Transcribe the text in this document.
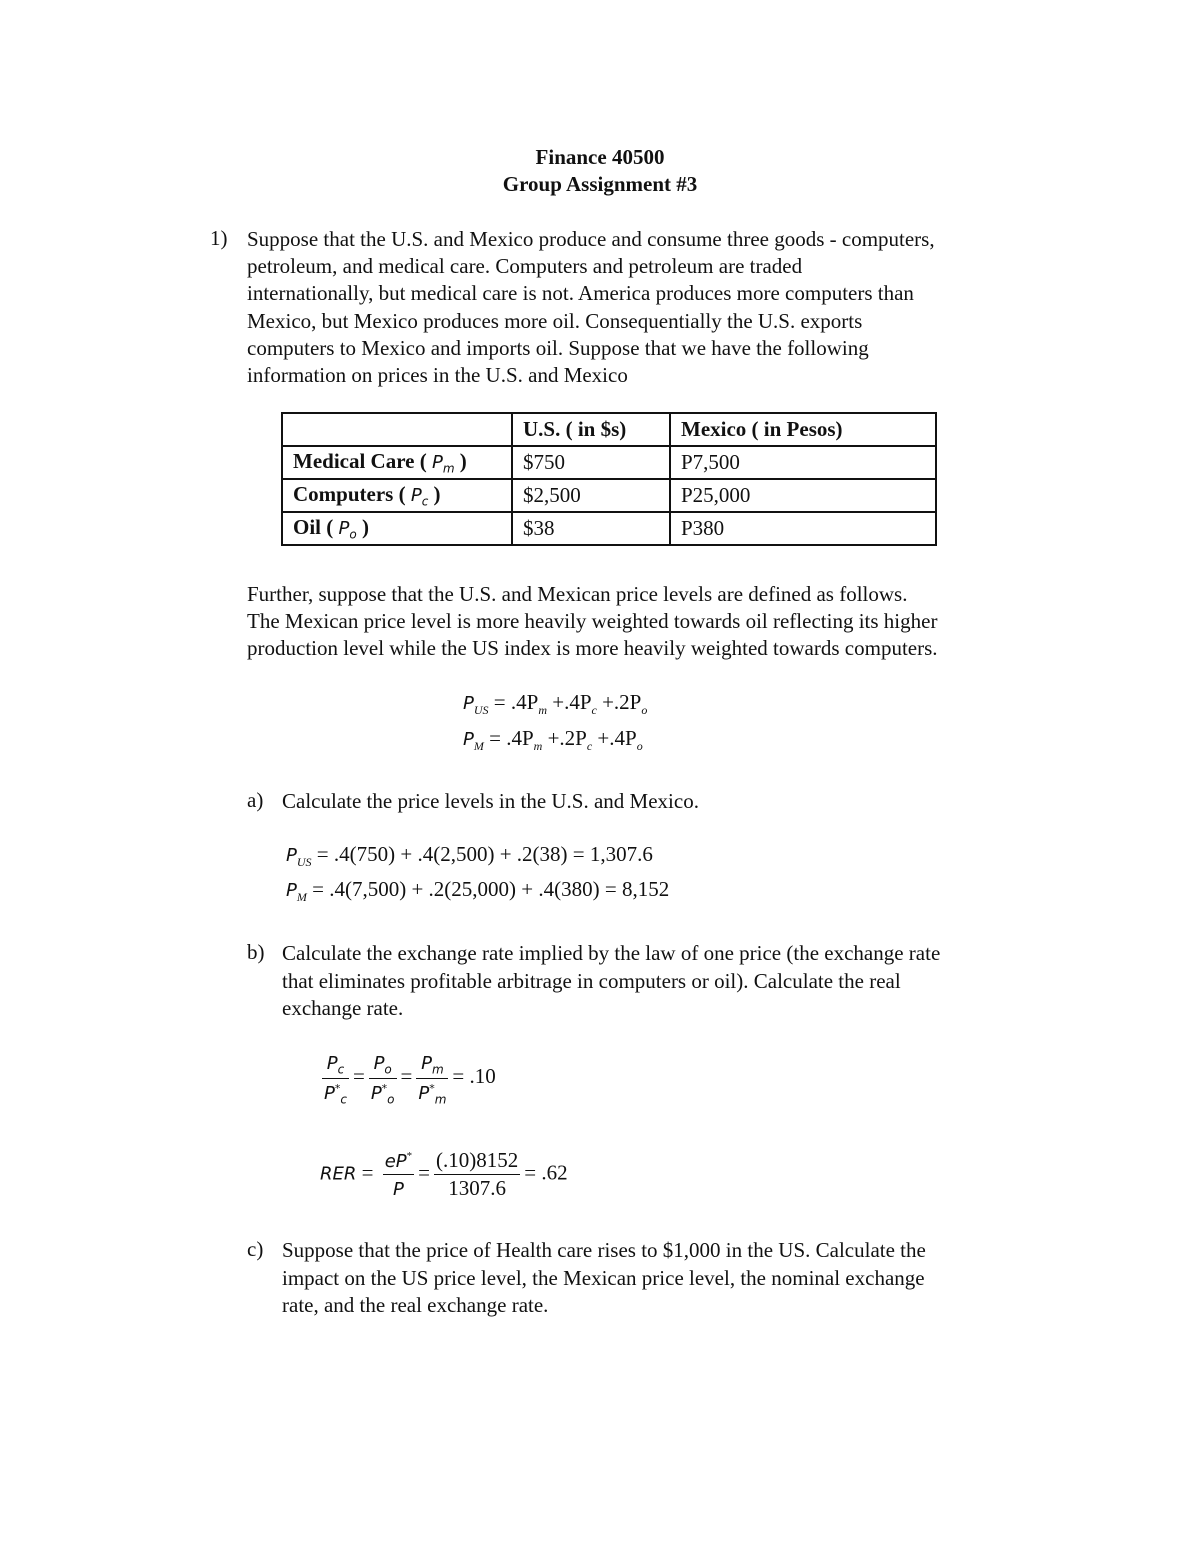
Finance 40500
Group Assignment #3
1) Suppose that the U.S. and Mexico produce and consume three goods - computers,
petroleum, and medical care. Computers and petroleum are traded
internationally, but medical care is not. America produces more computers than
Mexico, but Mexico produces more oil. Consequentially the U.S. exports
computers to Mexico and imports oil. Suppose that we have the following
information on prices in the U.S. and Mexico
	U.S. ( in $s)	Mexico ( in Pesos)
Medical Care ( $P_m$ )	$750	P7,500
Computers ( $P_c$ )	$2,500	P25,000
Oil ( $P_o$ )	$38	P380
Further, suppose that the U.S. and Mexican price levels are defined as follows.
The Mexican price level is more heavily weighted towards oil reflecting its higher
production level while the US index is more heavily weighted towards computers.
$P_{US} = .4P_m +.4P_c +.2P_o$
$P_M = .4P_m +.2P_c +.4P_o$
a) Calculate the price levels in the U.S. and Mexico.
$P_{US} = .4(750) + .4(2,500) + .2(38) = 1,307.6$
$P_M = .4(7,500) + .2(25,000) + .4(380) = 8,152$
b) Calculate the exchange rate implied by the law of one price (the exchange rate
that eliminates profitable arbitrage in computers or oil). Calculate the real
exchange rate.
$\frac{P_c}{P^*_c} = \frac{P_o}{P^*_o} = \frac{P_m}{P^*_m} = .10$
RER = $\frac{eP^*}{P} = \frac{(.10)8152}{1307.6} = .62$
c) Suppose that the price of Health care rises to $1,000 in the US. Calculate the
impact on the US price level, the Mexican price level, the nominal exchange
rate, and the real exchange rate.
